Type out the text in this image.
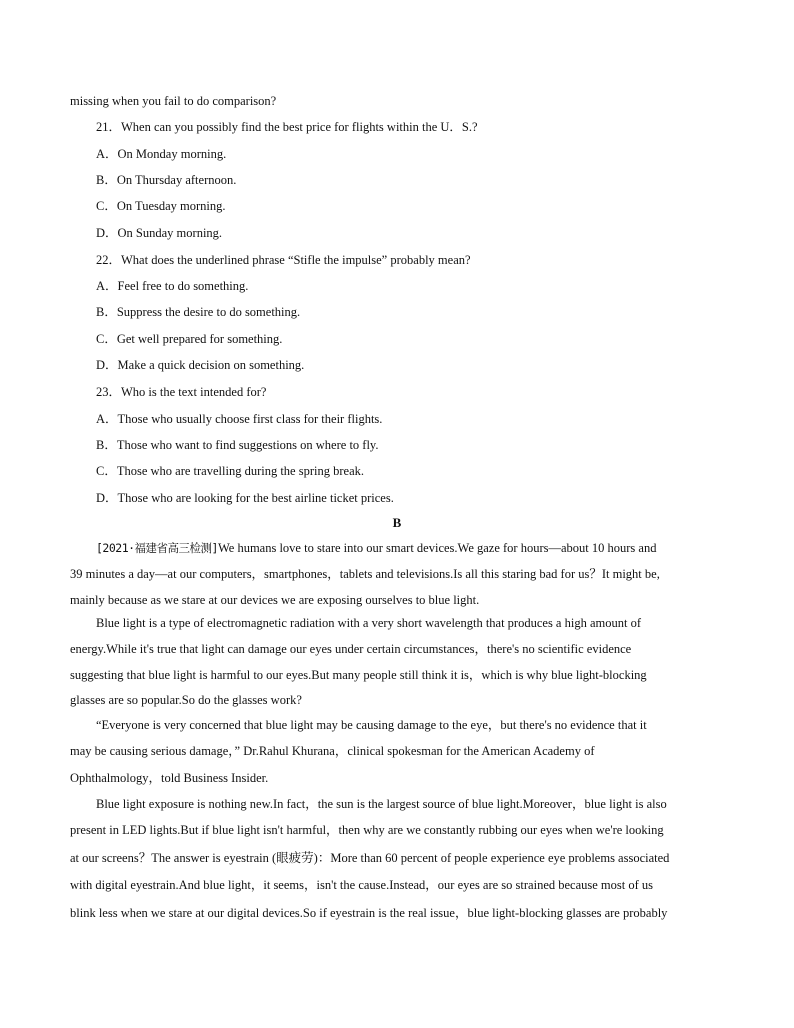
missing when you fail to do comparison?
21．When can you possibly find the best price for flights within the U．S.?
A．On Monday morning.
B．On Thursday afternoon.
C．On Tuesday morning.
D．On Sunday morning.
22．What does the underlined phrase “Stifle the impulse” probably mean?
A．Feel free to do something.
B．Suppress the desire to do something.
C．Get well prepared for something.
D．Make a quick decision on something.
23．Who is the text intended for?
A．Those who usually choose first class for their flights.
B．Those who want to find suggestions on where to fly.
C．Those who are travelling during the spring break.
D．Those who are looking for the best airline ticket prices.
B
[2021·福建省高三检测]We humans love to stare into our smart devices.We gaze for hours—about 10 hours and
39 minutes a day—at our computers，smartphones，tablets and televisions.Is all this staring bad for us？It might be,
mainly because as we stare at our devices we are exposing ourselves to blue light.
Blue light is a type of electromagnetic radiation with a very short wavelength that produces a high amount of
energy.While it's true that light can damage our eyes under certain circumstances，there's no scientific evidence
suggesting that blue light is harmful to our eyes.But many people still think it is，which is why blue light-blocking
glasses are so popular.So do the glasses work?
“Everyone is very concerned that blue light may be causing damage to the eye，but there's no evidence that it
may be causing serious damage，” Dr.Rahul Khurana，clinical spokesman for the American Academy of
Ophthalmology，told Business Insider.
Blue light exposure is nothing new.In fact，the sun is the largest source of blue light.Moreover，blue light is also
present in LED lights.But if blue light isn't harmful，then why are we constantly rubbing our eyes when we're looking
at our screens？The answer is eyestrain (眼疲劳)：More than 60 percent of people experience eye problems associated
with digital eyestrain.And blue light，it seems，isn't the cause.Instead，our eyes are so strained because most of us
blink less when we stare at our digital devices.So if eyestrain is the real issue，blue light-blocking glasses are probably
